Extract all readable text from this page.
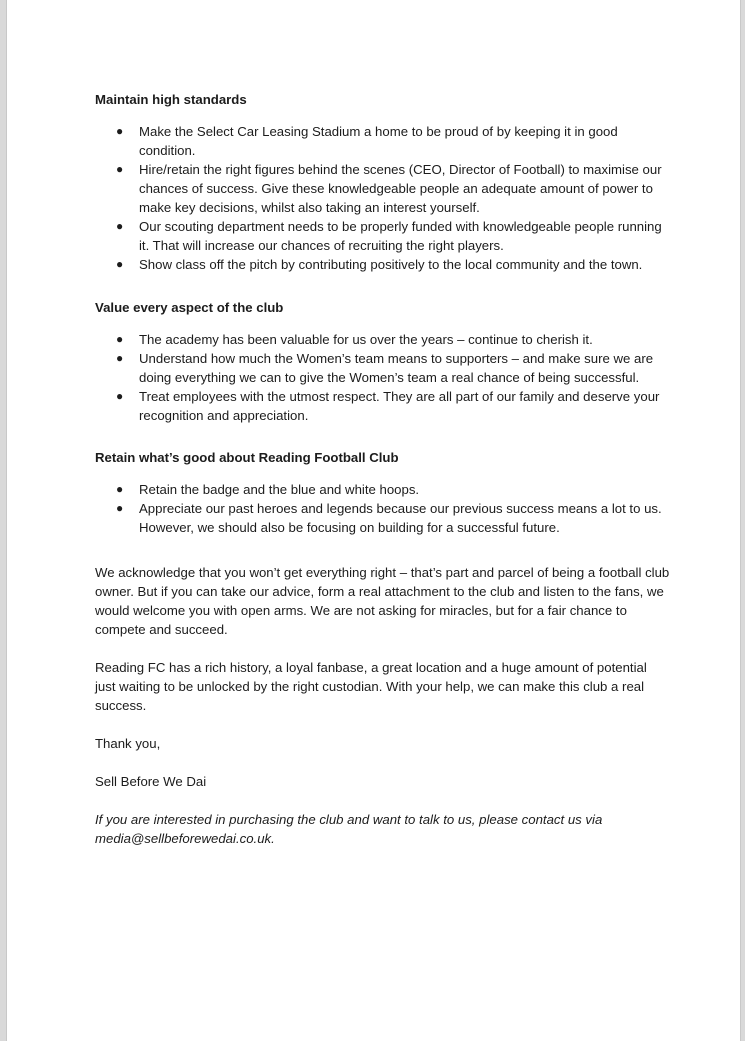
Maintain high standards
● Make the Select Car Leasing Stadium a home to be proud of by keeping it in good condition.
● Hire/retain the right figures behind the scenes (CEO, Director of Football) to maximise our chances of success. Give these knowledgeable people an adequate amount of power to make key decisions, whilst also taking an interest yourself.
● Our scouting department needs to be properly funded with knowledgeable people running it. That will increase our chances of recruiting the right players.
● Show class off the pitch by contributing positively to the local community and the town.
Value every aspect of the club
● The academy has been valuable for us over the years – continue to cherish it.
● Understand how much the Women’s team means to supporters – and make sure we are doing everything we can to give the Women’s team a real chance of being successful.
● Treat employees with the utmost respect. They are all part of our family and deserve your recognition and appreciation.
Retain what’s good about Reading Football Club
● Retain the badge and the blue and white hoops.
● Appreciate our past heroes and legends because our previous success means a lot to us. However, we should also be focusing on building for a successful future.

We acknowledge that you won’t get everything right – that’s part and parcel of being a football club owner. But if you can take our advice, form a real attachment to the club and listen to the fans, we would welcome you with open arms. We are not asking for miracles, but for a fair chance to compete and succeed.

Reading FC has a rich history, a loyal fanbase, a great location and a huge amount of potential just waiting to be unlocked by the right custodian. With your help, we can make this club a real success.

Thank you,

Sell Before We Dai

If you are interested in purchasing the club and want to talk to us, please contact us via media@sellbeforewedai.co.uk.
